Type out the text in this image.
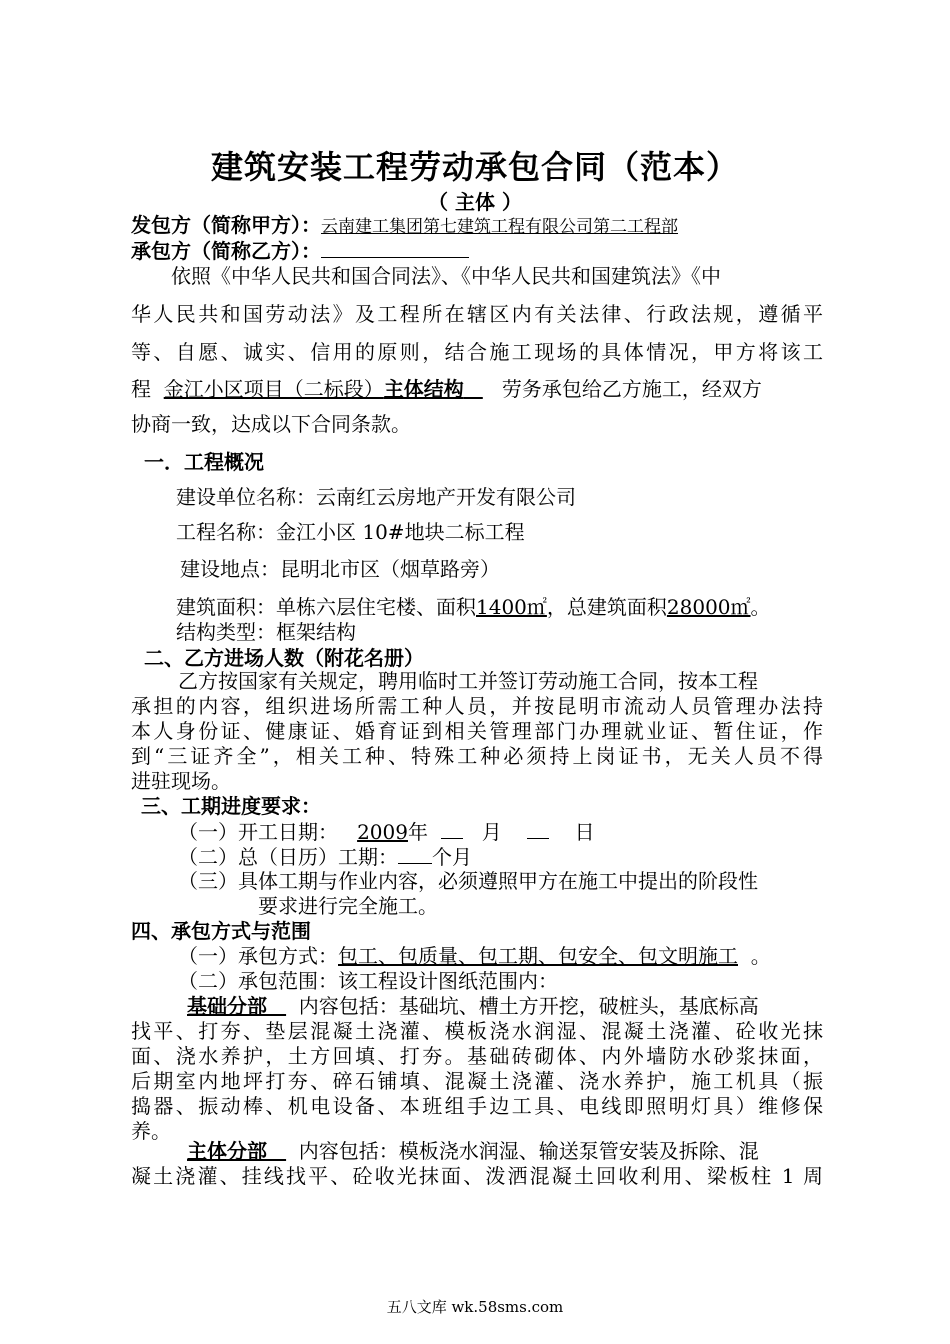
建筑安装工程劳动承包合同（范本）
（ 主体 ）
发包方（简称甲方）：云南建工集团第七建筑工程有限公司第二工程部
承包方（简称乙方）：
依照《中华人民共和国合同法》、《中华人民共和国建筑法》《中
华人民共和国劳动法》及工程所在辖区内有关法律、行政法规，遵循平
等、自愿、诚实、信用的原则，结合施工现场的具体情况，甲方将该工
程 金江小区项目（二标段）主体结构 劳务承包给乙方施工，经双方
协商一致，达成以下合同条款。
一．工程概况
建设单位名称：云南红云房地产开发有限公司
工程名称：金江小区 10#地块二标工程
建设地点：昆明北市区（烟草路旁）
建筑面积：单栋六层住宅楼、面积1400㎡，总建筑面积28000㎡。
结构类型：框架结构
二、乙方进场人数（附花名册）
乙方按国家有关规定，聘用临时工并签订劳动施工合同，按本工程
承担的内容，组织进场所需工种人员，并按昆明市流动人员管理办法持
本人身份证、健康证、婚育证到相关管理部门办理就业证、暂住证，作
到“三证齐全”，相关工种、特殊工种必须持上岗证书，无关人员不得
进驻现场。
三、工期进度要求：
（一）开工日期： 2009年	月	日
（二）总（日历）工期： 个月
（三）具体工期与作业内容，必须遵照甲方在施工中提出的阶段性
要求进行完全施工。
四、承包方式与范围
（一）承包方式：包工、包质量、包工期、包安全、包文明施工 。
（二）承包范围：该工程设计图纸范围内：
基础分部 内容包括：基础坑、槽土方开挖，破桩头，基底标高
找平、打夯、垫层混凝土浇灌、模板浇水润湿、混凝土浇灌、砼收光抹
面、浇水养护，土方回填、打夯。基础砖砌体、内外墙防水砂浆抹面，
后期室内地坪打夯、碎石铺填、混凝土浇灌、浇水养护，施工机具（振
捣器、振动棒、机电设备、本班组手边工具、电线即照明灯具）维修保
养。
主体分部 内容包括：模板浇水润湿、输送泵管安装及拆除、混
凝土浇灌、挂线找平、砼收光抹面、泼洒混凝土回收利用、梁板柱 1 周
五八文库 wk.58sms.com
